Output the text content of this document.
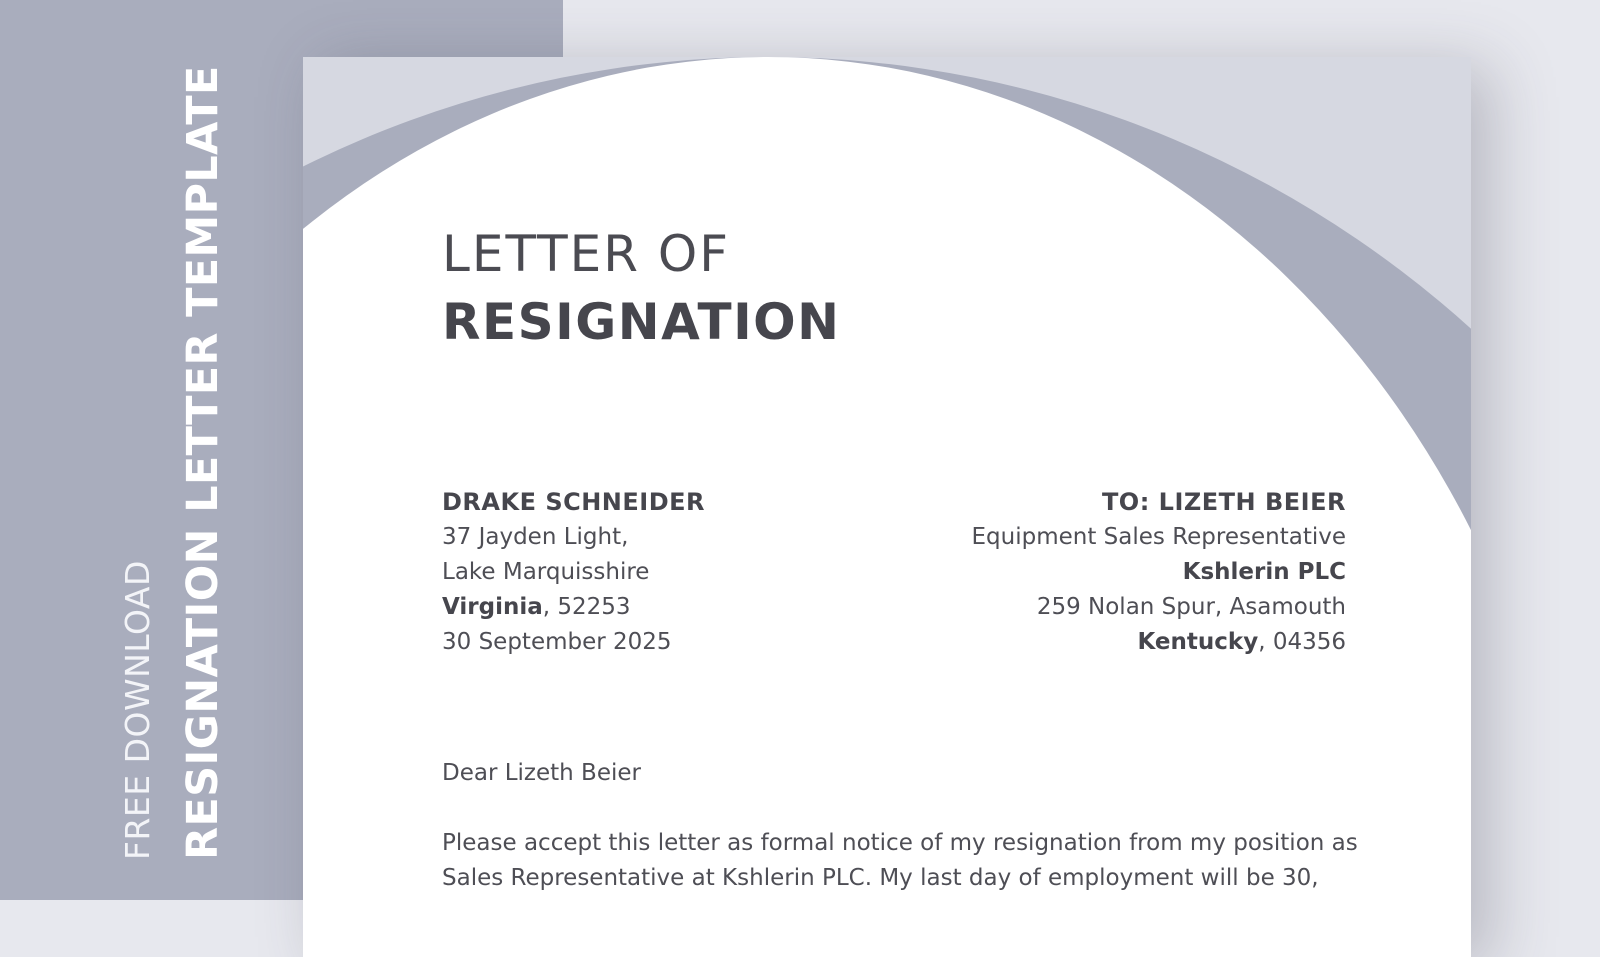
FREE DOWNLOAD RESIGNATION LETTER TEMPLATE	LETTER OF
RESIGNATION
DRAKE SCHNEIDER
37 Jayden Light,
Lake Marquisshire
Virginia, 52253
30 September 2025
TO: LIZETH BEIER
Equipment Sales Representative
Kshlerin PLC
259 Nolan Spur, Asamouth
Kentucky, 04356
Dear Lizeth Beier
Please accept this letter as formal notice of my resignation from my position as
Sales Representative at Kshlerin PLC. My last day of employment will be 30,
